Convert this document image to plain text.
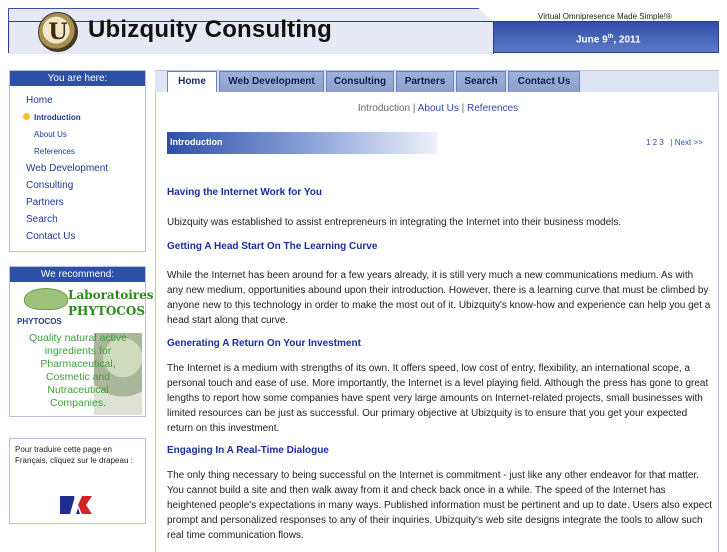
U Ubizquity Consulting	Virtual Omnipresence Made Simple!®
June 9th, 2011
You are here:
Home
Introduction
About Us
References
Web Development
Consulting
Partners
Search
Contact Us
We recommend:
PHYTOCOS
Laboratoires
PHYTOCOS
Quality natural active ingredients for Pharmaceutical, Cosmetic and Nutraceutical Companies.
Pour traduire cette page en Français, cliquez sur le drapeau :
Home	Web Development	Consulting	Partners	Search	Contact Us
Introduction | About Us | References
Introduction	1 2 3 | Next >>
Having the Internet Work for You
Ubizquity was established to assist entrepreneurs in integrating the Internet into their business models.
Getting A Head Start On The Learning Curve
While the Internet has been around for a few years already, it is still very much a new communications medium. As with any new medium, opportunities abound upon their introduction. However, there is a learning curve that must be climbed by anyone new to this technology in order to make the most out of it. Ubizquity's know-how and experience can help you get a head start along that curve.
Generating A Return On Your Investment
The Internet is a medium with strengths of its own. It offers speed, low cost of entry, flexibility, an international scope, a personal touch and ease of use. More importantly, the Internet is a level playing field. Although the press has gone to great lengths to report how some companies have spent very large amounts on Internet-related projects, small businesses with limited resources can be just as successful. Our primary objective at Ubizquity is to ensure that you get your expected return on this investment.
Engaging In A Real-Time Dialogue
The only thing necessary to being successful on the Internet is commitment - just like any other endeavor for that matter. You cannot build a site and then walk away from it and check back once in a while. The speed of the Internet has heightened people's expectations in many ways. Published information must be pertinent and up to date. Users also expect prompt and personalized responses to any of their inquiries. Ubizquity's web site designs integrate the tools to allow such real time communication flows.
